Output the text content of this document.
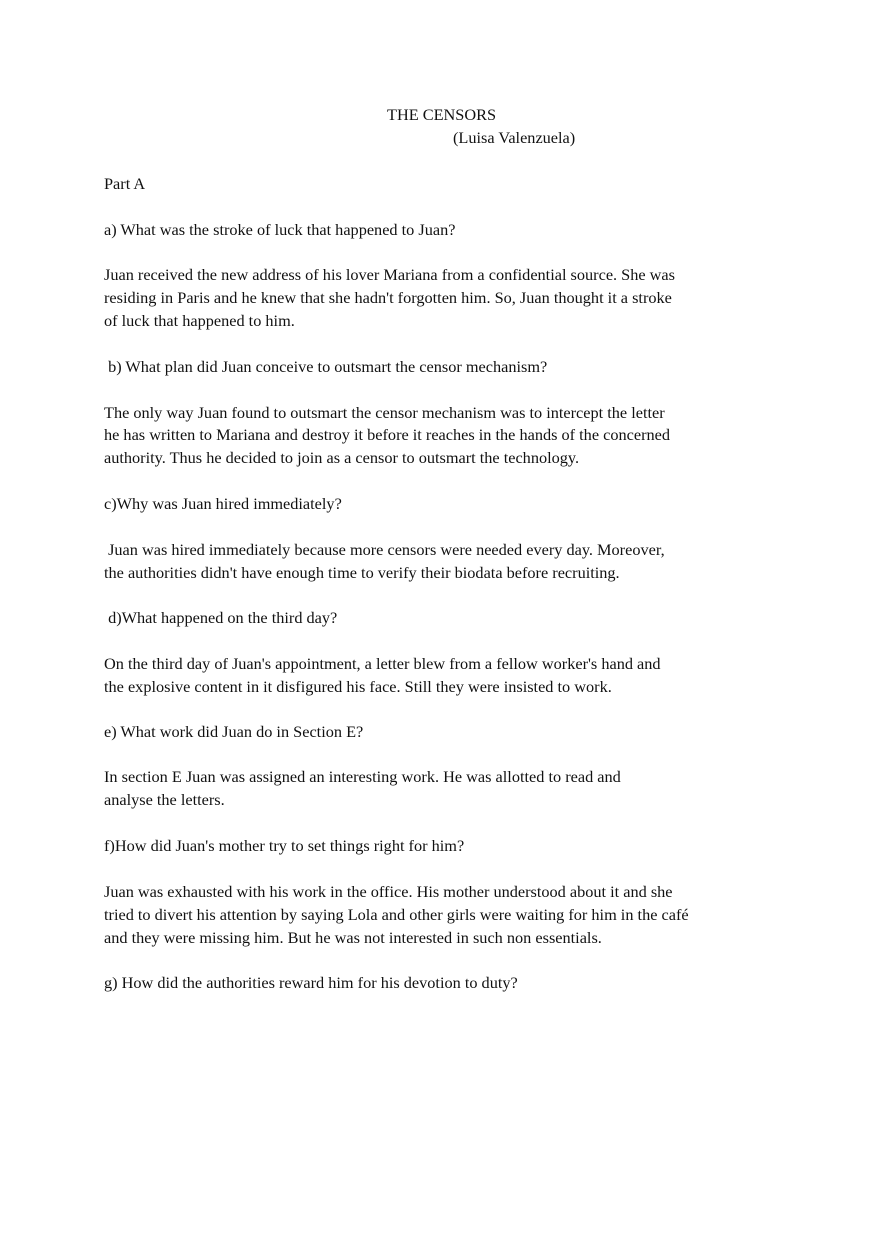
THE CENSORS
(Luisa Valenzuela)
Part A
a) What was the stroke of luck that happened to Juan?
Juan received the new address of his lover Mariana from a confidential source. She was
residing in Paris and he knew that she hadn't forgotten him. So, Juan thought it a stroke
of luck that happened to him.
b) What plan did Juan conceive to outsmart the censor mechanism?
The only way Juan found to outsmart the censor mechanism was to intercept the letter
he has written to Mariana and destroy it before it reaches in the hands of the concerned
authority. Thus he decided to join as a censor to outsmart the technology.
c)Why was Juan hired immediately?
Juan was hired immediately because more censors were needed every day. Moreover,
the authorities didn't have enough time to verify their biodata before recruiting.
d)What happened on the third day?
On the third day of Juan's appointment, a letter blew from a fellow worker's hand and
the explosive content in it disfigured his face. Still they were insisted to work.
e) What work did Juan do in Section E?
In section E Juan was assigned an interesting work. He was allotted to read and
analyse the letters.
f)How did Juan's mother try to set things right for him?
Juan was exhausted with his work in the office. His mother understood about it and she
tried to divert his attention by saying Lola and other girls were waiting for him in the café
and they were missing him. But he was not interested in such non essentials.
g) How did the authorities reward him for his devotion to duty?
